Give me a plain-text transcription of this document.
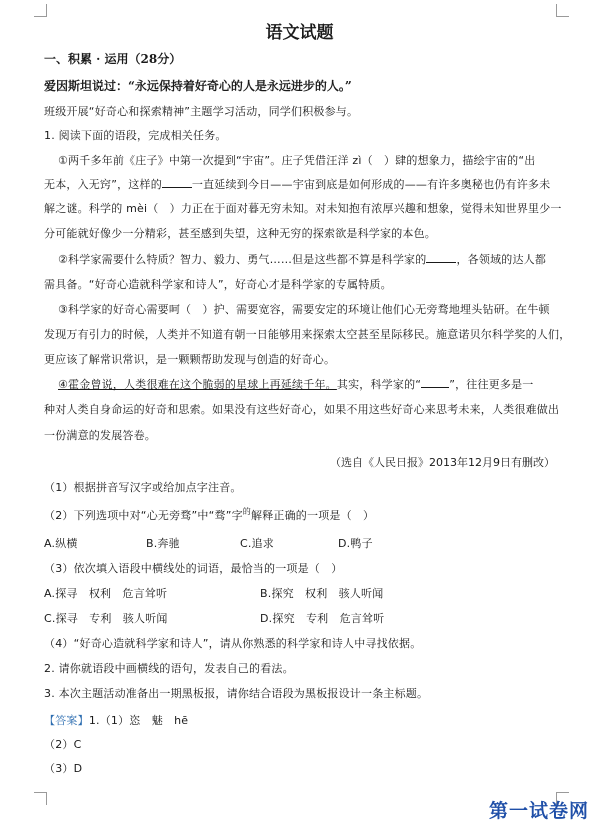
语文试题
一、积累 · 运用（28分）
爱因斯坦说过：“永远保持着好奇心的人是永远进步的人。”
班级开展“好奇心和探索精神”主题学习活动，同学们积极参与。
1. 阅读下面的语段，完成相关任务。
①两千多年前《庄子》中第一次提到“宇宙”。庄子凭借汪洋 zì（　）肆的想象力，描绘宇宙的“出
无本，入无窍”，这样的	一直延续到今日——宇宙到底是如何形成的——有许多奥秘也仍有许多未
解之谜。科学的 mèi（　）力正在于面对暮无穷未知。对未知抱有浓厚兴趣和想象，觉得未知世界里少一
分可能就好像少一分精彩，甚至感到失望，这种无穷的探索欲是科学家的本色。
②科学家需要什么特质？智力、毅力、勇气……但是这些都不算是科学家的	，各领域的达人都
需具备。“好奇心造就科学家和诗人”，好奇心才是科学家的专属特质。
③科学家的好奇心需要呵（　）护、需要宽容，需要安定的环境让他们心无旁骛地埋头钻研。在牛顿
发现万有引力的时候，人类并不知道有朝一日能够用来探索太空甚至星际移民。施意诺贝尔科学奖的人们，
更应该了解常识常识，是一颗颗帮助发现与创造的好奇心。
④霍金曾说，人类很难在这个脆弱的星球上再延续千年。其实，科学家的“	”，往往更多是一
种对人类自身命运的好奇和思索。如果没有这些好奇心，如果不用这些好奇心来思考未来，人类很难做出
一份满意的发展答卷。
（选自《人民日报》2013年12月9日有删改）
（1）根据拼音写汉字或给加点字注音。
（2）下列选项中对“心无旁骛”中“骛”字$^的$解释正确的一项是（　）
A.纵横	B.奔驰	C.追求	D.鸭子
（3）依次填入语段中横线处的词语，最恰当的一项是（　）
A.探寻　权利　危言耸听	B.探究　权利　骇人听闻
C.探寻　专利　骇人听闻	D.探究　专利　危言耸听
（4）“好奇心造就科学家和诗人”，请从你熟悉的科学家和诗人中寻找依据。
2. 请你就语段中画横线的语句，发表自己的看法。
3. 本次主题活动准备出一期黑板报，请你结合语段为黑板报设计一条主标题。
【答案】1.（1）恣　魅　hē
（2）C
（3）D
第一试卷网
